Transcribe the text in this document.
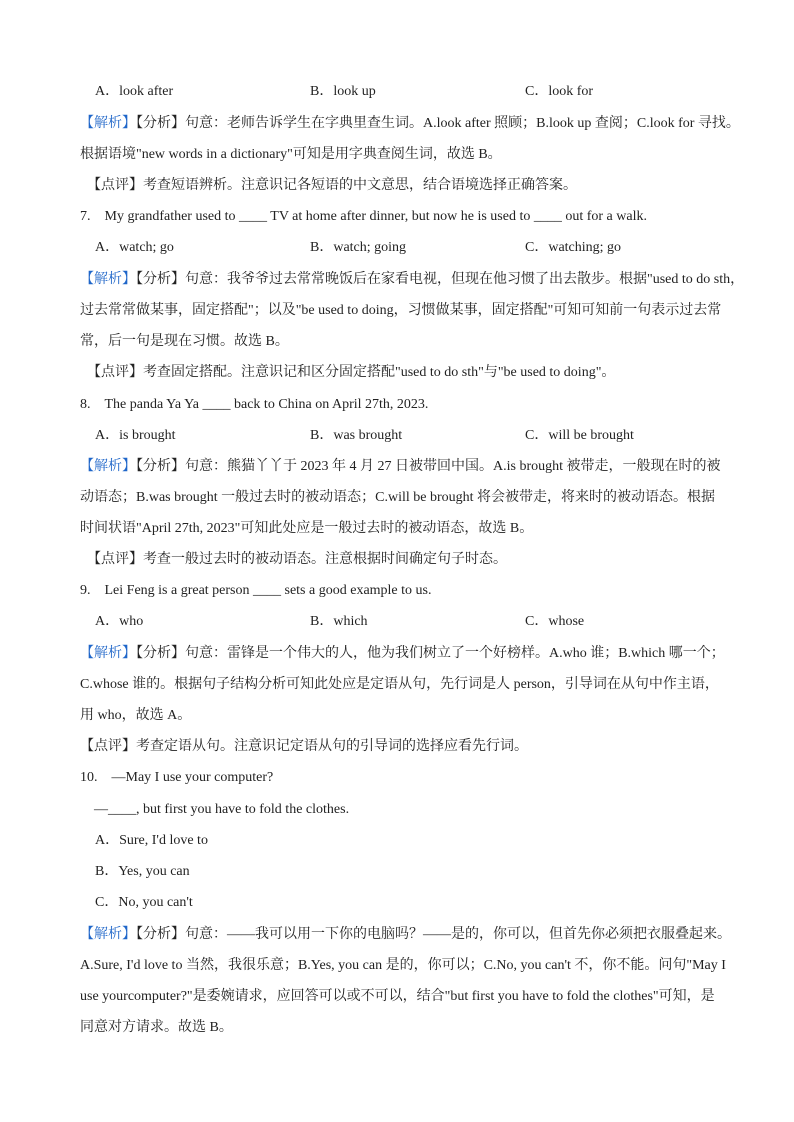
A．look after	B．look up	C．look for
【解析】【分析】句意：老师告诉学生在字典里查生词。A.look after 照顾；B.look up 查阅；C.look for 寻找。
根据语境"new words in a dictionary"可知是用字典查阅生词，故选 B。
【点评】考查短语辨析。注意识记各短语的中文意思，结合语境选择正确答案。
7.　My grandfather used to ____ TV at home after dinner, but now he is used to ____ out for a walk.
A．watch; go	B．watch; going	C．watching; go
【解析】【分析】句意：我爷爷过去常常晚饭后在家看电视，但现在他习惯了出去散步。根据"used to do sth，
过去常常做某事，固定搭配"；以及"be used to doing，习惯做某事，固定搭配"可知可知前一句表示过去常
常，后一句是现在习惯。故选 B。
【点评】考查固定搭配。注意识记和区分固定搭配"used to do sth"与"be used to doing"。
8.　The panda Ya Ya ____ back to China on April 27th, 2023.
A．is brought	B．was brought	C．will be brought
【解析】【分析】句意：熊猫丫丫于 2023 年 4 月 27 日被带回中国。A.is brought 被带走，一般现在时的被
动语态；B.was brought 一般过去时的被动语态；C.will be brought 将会被带走，将来时的被动语态。根据
时间状语"April 27th, 2023"可知此处应是一般过去时的被动语态，故选 B。
【点评】考查一般过去时的被动语态。注意根据时间确定句子时态。
9.　Lei Feng is a great person ____ sets a good example to us.
A．who	B．which	C．whose
【解析】【分析】句意：雷锋是一个伟大的人，他为我们树立了一个好榜样。A.who 谁；B.which 哪一个；
C.whose 谁的。根据句子结构分析可知此处应是定语从句，先行词是人 person，引导词在从句中作主语，
用 who，故选 A。
【点评】考查定语从句。注意识记定语从句的引导词的选择应看先行词。
10.　—May I use your computer?
—____, but first you have to fold the clothes.
A．Sure, I'd love to
B．Yes, you can
C．No, you can't
【解析】【分析】句意：——我可以用一下你的电脑吗？——是的，你可以，但首先你必须把衣服叠起来。
A.Sure, I'd love to 当然，我很乐意；B.Yes, you can 是的，你可以；C.No, you can't 不，你不能。问句"May I
use yourcomputer?"是委婉请求，应回答可以或不可以，结合"but first you have to fold the clothes"可知，是
同意对方请求。故选 B。
